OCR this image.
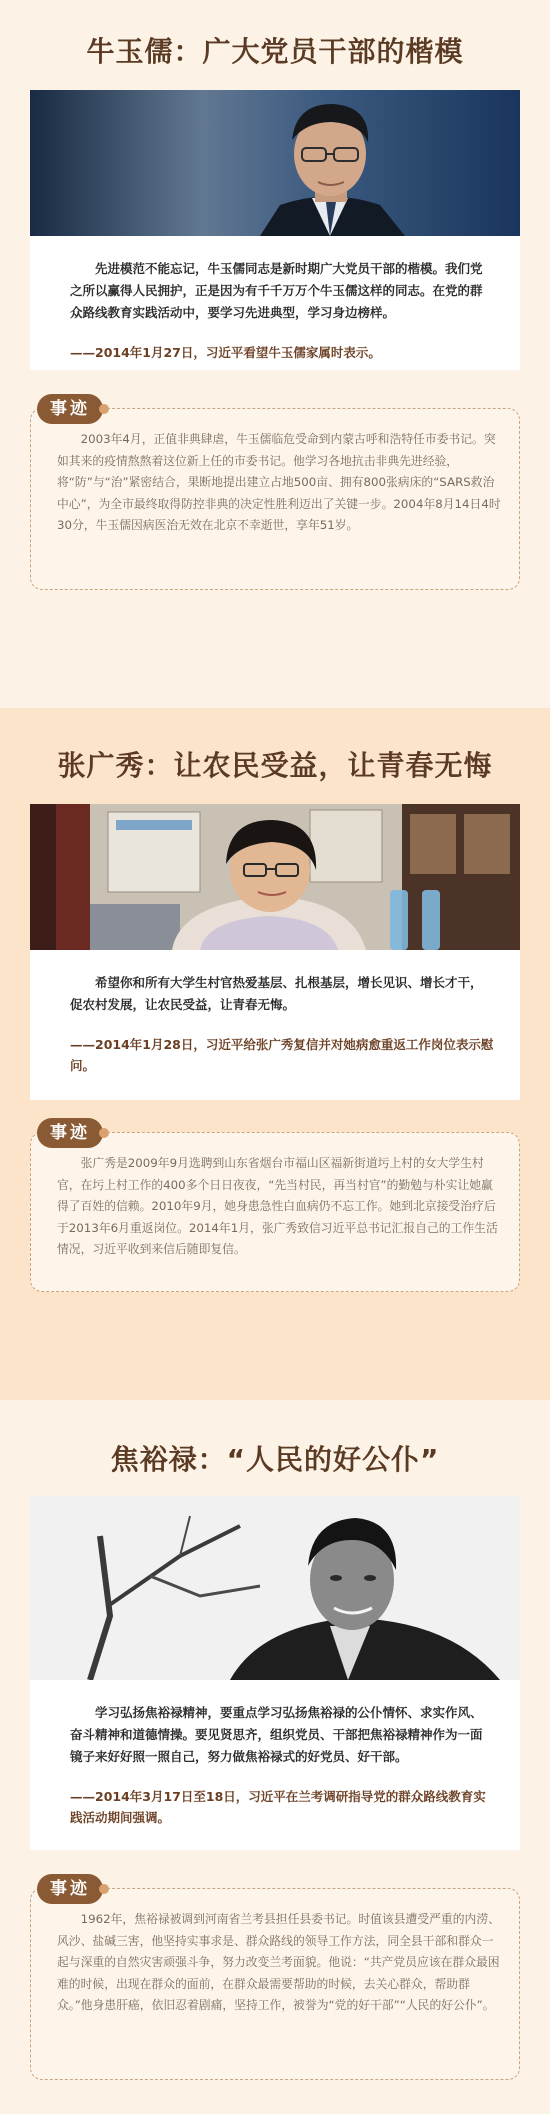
牛玉儒：广大党员干部的楷模

先进模范不能忘记，牛玉儒同志是新时期广大党员干部的楷模。我们党之所以赢得人民拥护，正是因为有千千万万个牛玉儒这样的同志。在党的群众路线教育实践活动中，要学习先进典型，学习身边榜样。

——2014年1月27日，习近平看望牛玉儒家属时表示。

事迹

2003年4月，正值非典肆虐，牛玉儒临危受命到内蒙古呼和浩特任市委书记。突如其来的疫情熬熬着这位新上任的市委书记。他学习各地抗击非典先进经验，将“防”与“治”紧密结合，果断地提出建立占地500亩、拥有800张病床的“SARS救治中心”，为全市最终取得防控非典的决定性胜利迈出了关键一步。2004年8月14日4时30分，牛玉儒因病医治无效在北京不幸逝世，享年51岁。

张广秀：让农民受益，让青春无悔

希望你和所有大学生村官热爱基层、扎根基层，增长见识、增长才干，促农村发展，让农民受益，让青春无悔。

——2014年1月28日，习近平给张广秀复信并对她病愈重返工作岗位表示慰问。

事迹

张广秀是2009年9月选聘到山东省烟台市福山区福新街道圬上村的女大学生村官，在圬上村工作的400多个日日夜夜，“先当村民，再当村官”的勤勉与朴实让她赢得了百姓的信赖。2010年9月，她身患急性白血病仍不忘工作。她到北京接受治疗后于2013年6月重返岗位。2014年1月，张广秀致信习近平总书记汇报自己的工作生活情况，习近平收到来信后随即复信。

焦裕禄：“人民的好公仆”

学习弘扬焦裕禄精神，要重点学习弘扬焦裕禄的公仆情怀、求实作风、奋斗精神和道德情操。要见贤思齐，组织党员、干部把焦裕禄精神作为一面镜子来好好照一照自己，努力做焦裕禄式的好党员、好干部。

——2014年3月17日至18日，习近平在兰考调研指导党的群众路线教育实践活动期间强调。

事迹

1962年，焦裕禄被调到河南省兰考县担任县委书记。时值该县遭受严重的内涝、风沙、盐碱三害，他坚持实事求是、群众路线的领导工作方法，同全县干部和群众一起与深重的自然灾害顽强斗争，努力改变兰考面貌。他说：“共产党员应该在群众最困难的时候，出现在群众的面前，在群众最需要帮助的时候，去关心群众，帮助群众。”他身患肝癌，依旧忍着剧痛，坚持工作，被誉为“党的好干部”“人民的好公仆”。
